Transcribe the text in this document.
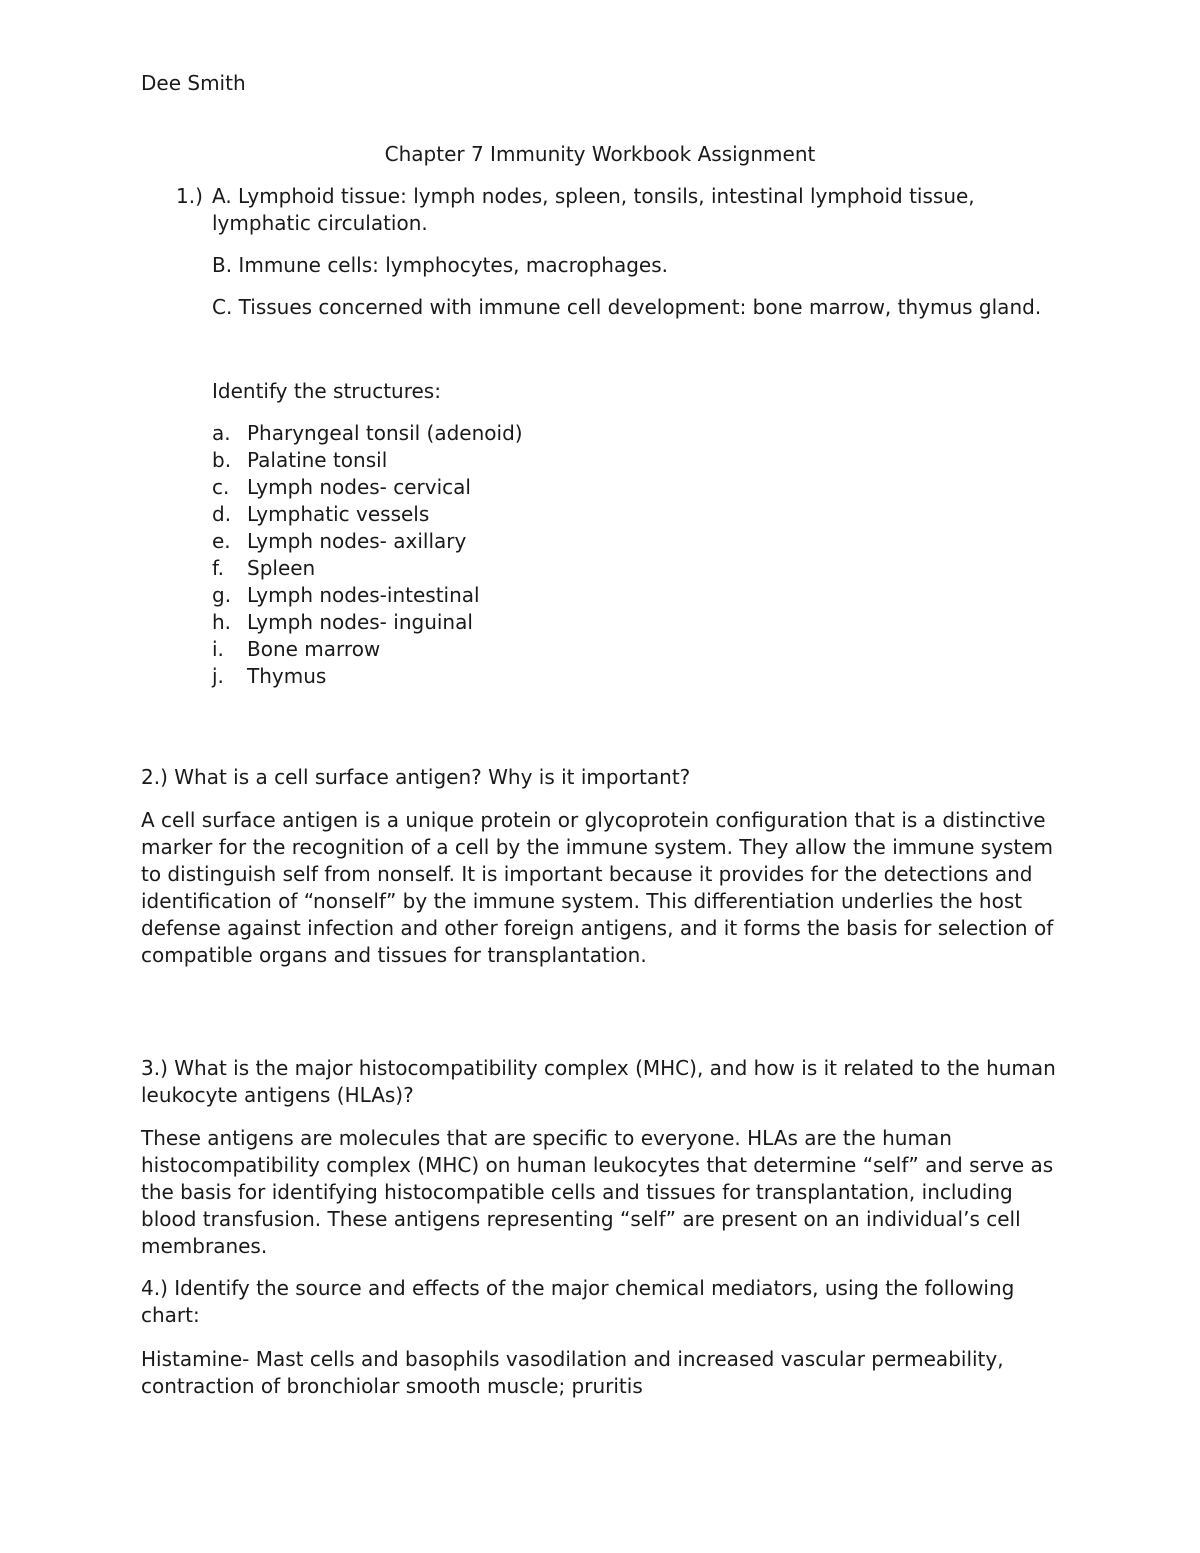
Dee Smith

Chapter 7 Immunity Workbook Assignment
1.) A. Lymphoid tissue: lymph nodes, spleen, tonsils, intestinal lymphoid tissue, lymphatic circulation.

B. Immune cells: lymphocytes, macrophages.

C. Tissues concerned with immune cell development: bone marrow, thymus gland.

Identify the structures:

a. Pharyngeal tonsil (adenoid)
b. Palatine tonsil
c. Lymph nodes- cervical
d. Lymphatic vessels
e. Lymph nodes- axillary
f. Spleen
g. Lymph nodes-intestinal
h. Lymph nodes- inguinal
i. Bone marrow
j. Thymus

2.) What is a cell surface antigen? Why is it important?

A cell surface antigen is a unique protein or glycoprotein configuration that is a distinctive marker for the recognition of a cell by the immune system. They allow the immune system to distinguish self from nonself. It is important because it provides for the detections and identification of “nonself” by the immune system. This differentiation underlies the host defense against infection and other foreign antigens, and it forms the basis for selection of compatible organs and tissues for transplantation.

3.) What is the major histocompatibility complex (MHC), and how is it related to the human leukocyte antigens (HLAs)?

These antigens are molecules that are specific to everyone. HLAs are the human histocompatibility complex (MHC) on human leukocytes that determine “self” and serve as the basis for identifying histocompatible cells and tissues for transplantation, including blood transfusion. These antigens representing “self” are present on an individual’s cell membranes.

4.) Identify the source and effects of the major chemical mediators, using the following chart:

Histamine- Mast cells and basophils vasodilation and increased vascular permeability, contraction of bronchiolar smooth muscle; pruritis
